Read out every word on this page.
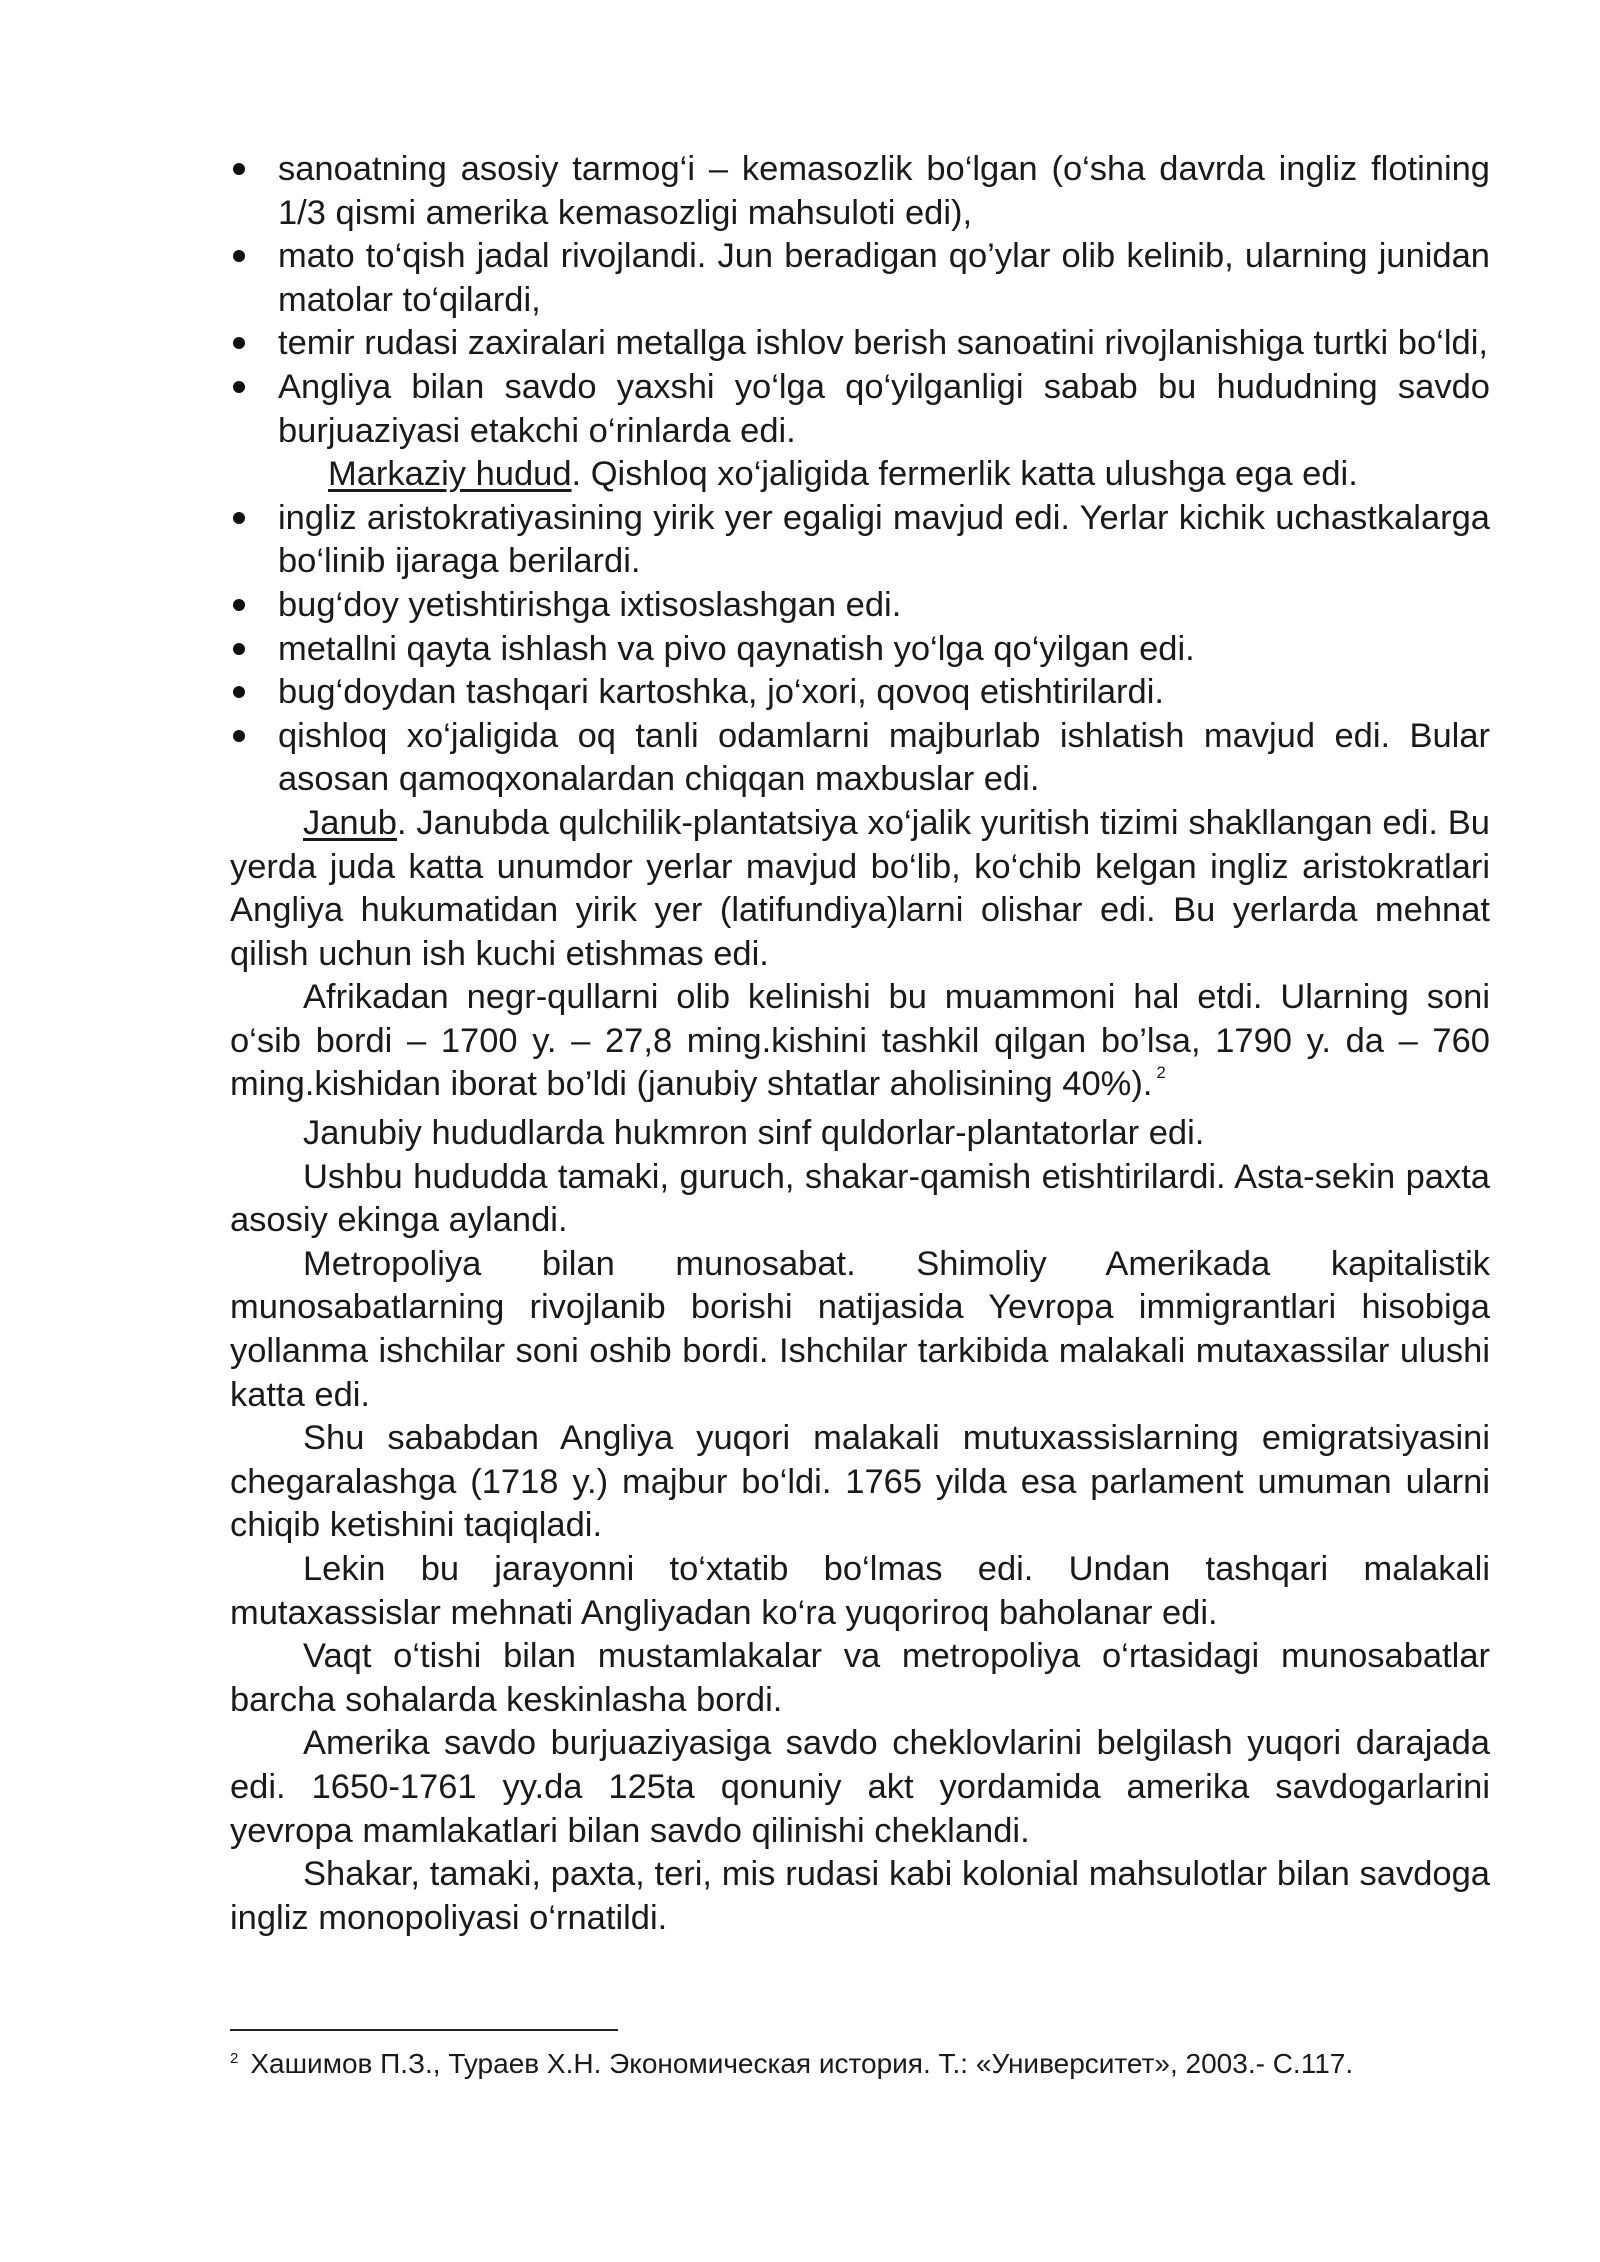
sanoatning asosiy tarmog‘i – kemasozlik bo‘lgan (o‘sha davrda ingliz flotining 1/3 qismi amerika kemasozligi mahsuloti edi),
mato to‘qish jadal rivojlandi. Jun beradigan qo’ylar olib kelinib, ularning junidan matolar to‘qilardi,
temir rudasi zaxiralari metallga ishlov berish sanoatini rivojlanishiga turtki bo‘ldi,
Angliya bilan savdo yaxshi yo‘lga qo‘yilganligi sabab bu hududning savdo burjuaziyasi etakchi o‘rinlarda edi.

Markaziy hudud. Qishloq xo‘jaligida fermerlik katta ulushga ega edi.

ingliz aristokratiyasining yirik yer egaligi mavjud edi. Yerlar kichik uchastkalarga bo‘linib ijaraga berilardi.
bug‘doy yetishtirishga ixtisoslashgan edi.
metallni qayta ishlash va pivo qaynatish yo‘lga qo‘yilgan edi.
bug‘doydan tashqari kartoshka, jo‘xori, qovoq etishtirilardi.
qishloq xo‘jaligida oq tanli odamlarni majburlab ishlatish mavjud edi. Bular asosan qamoqxonalardan chiqqan maxbuslar edi.

Janub. Janubda qulchilik-plantatsiya xo‘jalik yuritish tizimi shakllangan edi. Bu yerda juda katta unumdor yerlar mavjud bo‘lib, ko‘chib kelgan ingliz aristokratlari Angliya hukumatidan yirik yer (latifundiya)larni olishar edi. Bu yerlarda mehnat qilish uchun ish kuchi etishmas edi.

Afrikadan negr-qullarni olib kelinishi bu muammoni hal etdi. Ularning soni o‘sib bordi – 1700 y. – 27,8 ming.kishini tashkil qilgan bo’lsa, 1790 y. da – 760 ming.kishidan iborat bo’ldi (janubiy shtatlar aholisining 40%). $^2$

Janubiy hududlarda hukmron sinf quldorlar-plantatorlar edi.

Ushbu hududda tamaki, guruch, shakar-qamish etishtirilardi. Asta-sekin paxta asosiy ekinga aylandi.

Metropoliya bilan munosabat. Shimoliy Amerikada kapitalistik munosabatlarning rivojlanib borishi natijasida Yevropa immigrantlari hisobiga yollanma ishchilar soni oshib bordi. Ishchilar tarkibida malakali mutaxassilar ulushi katta edi.

Shu sababdan Angliya yuqori malakali mutuxassislarning emigratsiyasini chegaralashga (1718 y.) majbur bo‘ldi. 1765 yilda esa parlament umuman ularni chiqib ketishini taqiqladi.

Lekin bu jarayonni to‘xtatib bo‘lmas edi. Undan tashqari malakali mutaxassislar mehnati Angliyadan ko‘ra yuqoriroq baholanar edi.

Vaqt o‘tishi bilan mustamlakalar va metropoliya o‘rtasidagi munosabatlar barcha sohalarda keskinlasha bordi.

Amerika savdo burjuaziyasiga savdo cheklovlarini belgilash yuqori darajada edi. 1650-1761 yy.da 125ta qonuniy akt yordamida amerika savdogarlarini yevropa mamlakatlari bilan savdo qilinishi cheklandi.

Shakar, tamaki, paxta, teri, mis rudasi kabi kolonial mahsulotlar bilan savdoga ingliz monopoliyasi o‘rnatildi.

$^2$ Хашимов П.З., Тураев Х.Н. Экономическая история. Т.: «Университет», 2003.- С.117.
